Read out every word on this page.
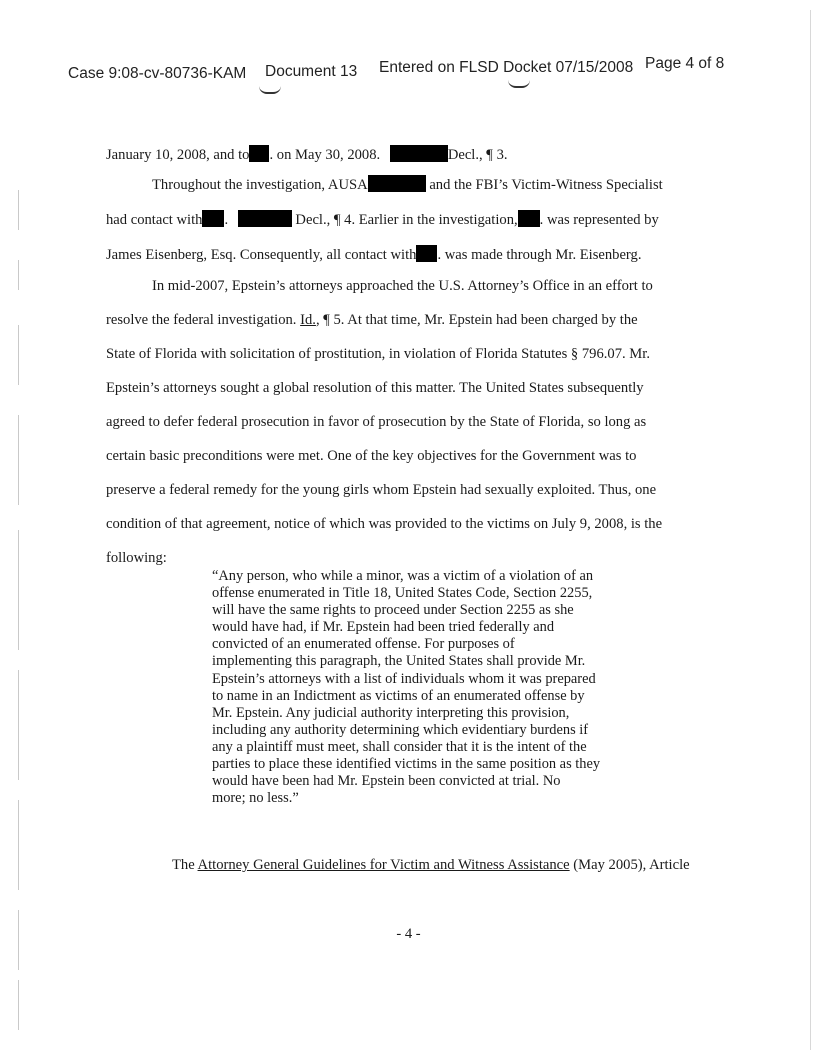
Case 9:08-cv-80736-KAM Document 13 Entered on FLSD Docket 07/15/2008 Page 4 of 8
January 10, 2008, and to . on May 30, 2008.	Decl., ¶ 3.
Throughout the investigation, AUSA	and the FBI’s Victim-Witness Specialist
had contact with .	Decl., ¶ 4. Earlier in the investigation, . was represented by
James Eisenberg, Esq. Consequently, all contact with . was made through Mr. Eisenberg.
In mid-2007, Epstein’s attorneys approached the U.S. Attorney’s Office in an effort to
resolve the federal investigation. Id., ¶ 5. At that time, Mr. Epstein had been charged by the
State of Florida with solicitation of prostitution, in violation of Florida Statutes § 796.07. Mr.
Epstein’s attorneys sought a global resolution of this matter. The United States subsequently
agreed to defer federal prosecution in favor of prosecution by the State of Florida, so long as
certain basic preconditions were met. One of the key objectives for the Government was to
preserve a federal remedy for the young girls whom Epstein had sexually exploited. Thus, one
condition of that agreement, notice of which was provided to the victims on July 9, 2008, is the
following:
“Any person, who while a minor, was a victim of a violation of an
offense enumerated in Title 18, United States Code, Section 2255,
will have the same rights to proceed under Section 2255 as she
would have had, if Mr. Epstein had been tried federally and
convicted of an enumerated offense. For purposes of
implementing this paragraph, the United States shall provide Mr.
Epstein’s attorneys with a list of individuals whom it was prepared
to name in an Indictment as victims of an enumerated offense by
Mr. Epstein. Any judicial authority interpreting this provision,
including any authority determining which evidentiary burdens if
any a plaintiff must meet, shall consider that it is the intent of the
parties to place these identified victims in the same position as they
would have been had Mr. Epstein been convicted at trial. No
more; no less.”
The Attorney General Guidelines for Victim and Witness Assistance (May 2005), Article
- 4 -
